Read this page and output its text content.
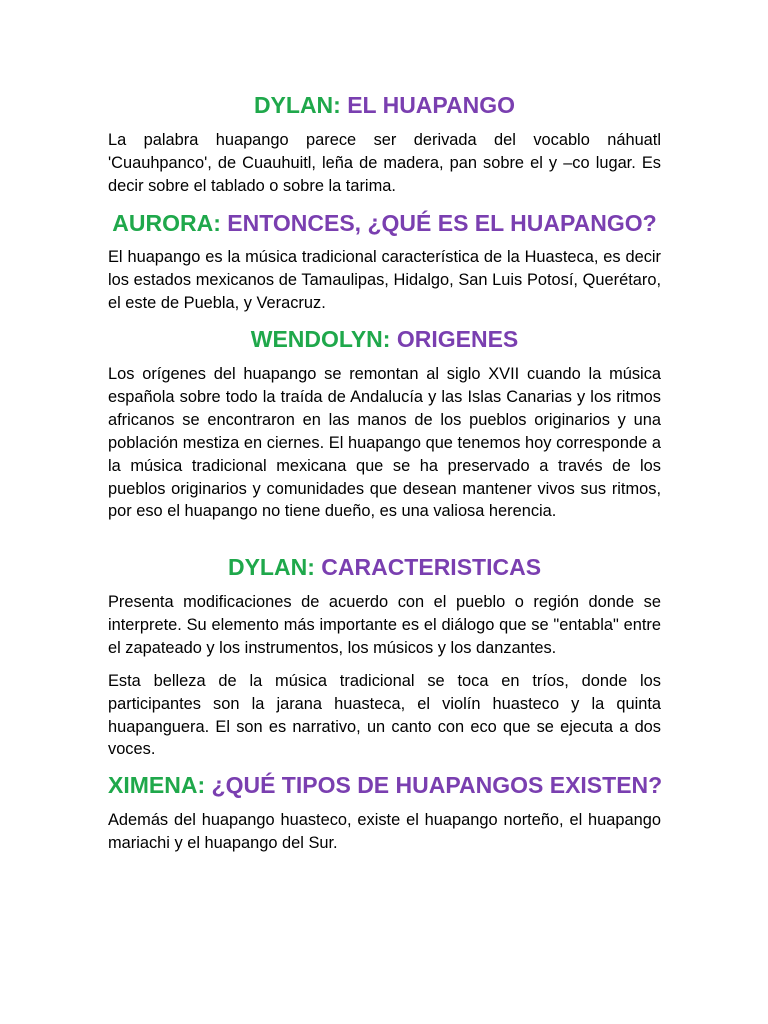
DYLAN: EL HUAPANGO

La palabra huapango parece ser derivada del vocablo náhuatl 'Cuauhpanco', de Cuauhuitl, leña de madera, pan sobre el y –co lugar. Es decir sobre el tablado o sobre la tarima.

AURORA: ENTONCES, ¿QUÉ ES EL HUAPANGO?

El huapango es la música tradicional característica de la Huasteca, es decir los estados mexicanos de Tamaulipas, Hidalgo, San Luis Potosí, Querétaro, el este de Puebla, y Veracruz.

WENDOLYN: ORIGENES

Los orígenes del huapango se remontan al siglo XVII cuando la música española sobre todo la traída de Andalucía y las Islas Canarias y los ritmos africanos se encontraron en las manos de los pueblos originarios y una población mestiza en ciernes. El huapango que tenemos hoy corresponde a la música tradicional mexicana que se ha preservado a través de los pueblos originarios y comunidades que desean mantener vivos sus ritmos, por eso el huapango no tiene dueño, es una valiosa herencia.

DYLAN: CARACTERISTICAS

Presenta modificaciones de acuerdo con el pueblo o región donde se interprete. Su elemento más importante es el diálogo que se "entabla" entre el zapateado y los instrumentos, los músicos y los danzantes.

Esta belleza de la música tradicional se toca en tríos, donde los participantes son la jarana huasteca, el violín huasteco y la quinta huapanguera. El son es narrativo, un canto con eco que se ejecuta a dos voces.

XIMENA: ¿QUÉ TIPOS DE HUAPANGOS EXISTEN?

Además del huapango huasteco, existe el huapango norteño, el huapango mariachi y el huapango del Sur.
